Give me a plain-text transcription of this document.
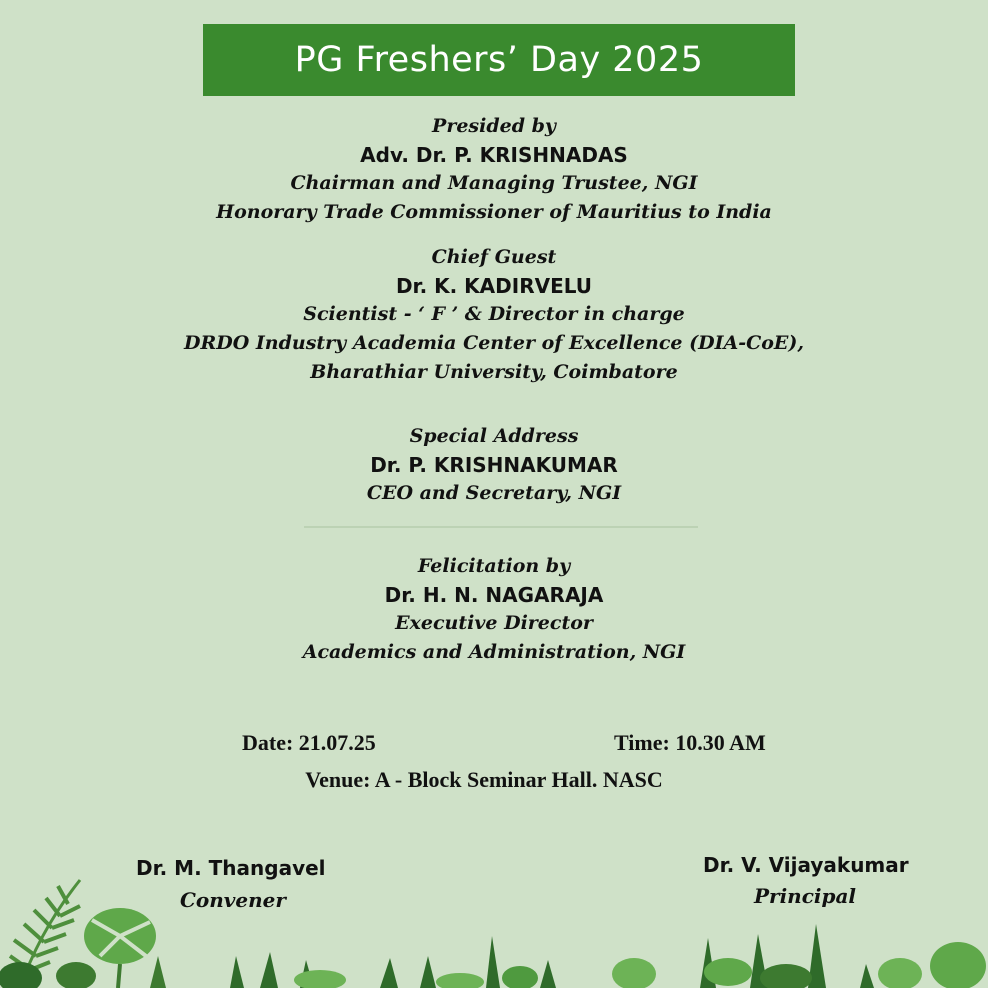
PG Freshers’ Day 2025
Presided by
Adv. Dr. P. KRISHNADAS
Chairman and Managing Trustee, NGI
Honorary Trade Commissioner of Mauritius to India
Chief Guest
Dr. K. KADIRVELU
Scientist - ‘ F ’ & Director in charge
DRDO Industry Academia Center of Excellence (DIA-CoE),
Bharathiar University, Coimbatore
Special Address
Dr. P. KRISHNAKUMAR
CEO and Secretary, NGI
Felicitation by
Dr. H. N. NAGARAJA
Executive Director
Academics and Administration, NGI
Date: 21.07.25	Time: 10.30 AM
Venue: A - Block Seminar Hall. NASC
Dr. M. Thangavel
Convener
Dr. V. Vijayakumar
Principal
